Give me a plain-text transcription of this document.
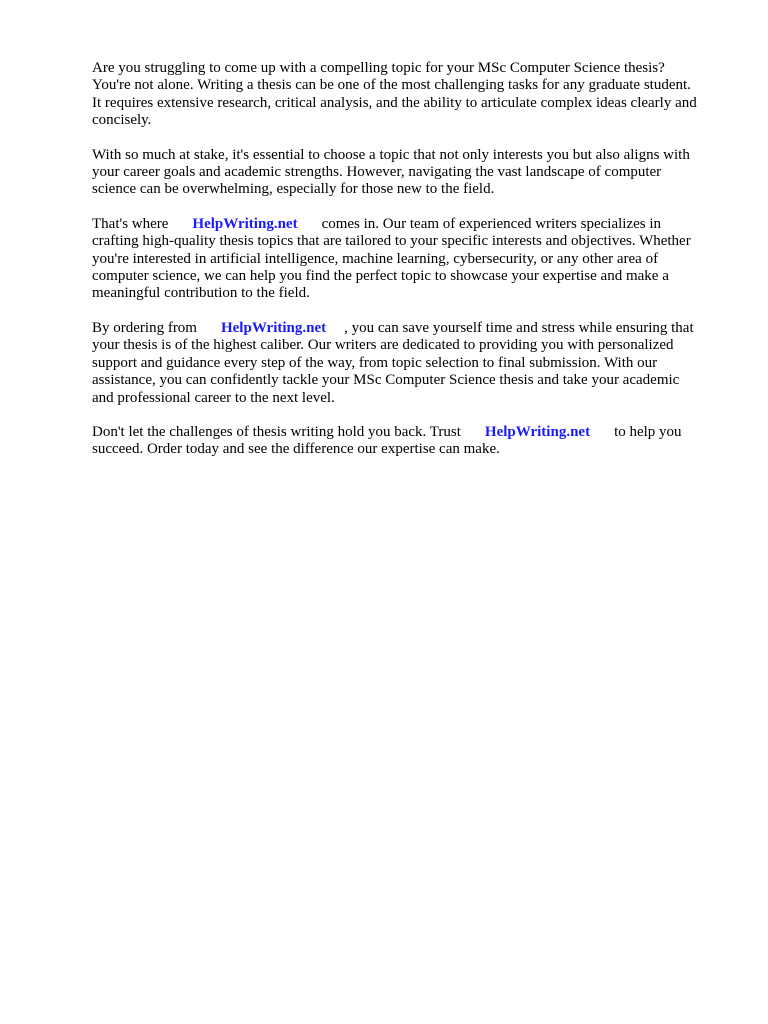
Are you struggling to come up with a compelling topic for your MSc Computer Science thesis?
You're not alone. Writing a thesis can be one of the most challenging tasks for any graduate student.
It requires extensive research, critical analysis, and the ability to articulate complex ideas clearly and
concisely.

With so much at stake, it's essential to choose a topic that not only interests you but also aligns with
your career goals and academic strengths. However, navigating the vast landscape of computer
science can be overwhelming, especially for those new to the field.

That's where HelpWriting.net comes in. Our team of experienced writers specializes in
crafting high-quality thesis topics that are tailored to your specific interests and objectives. Whether
you're interested in artificial intelligence, machine learning, cybersecurity, or any other area of
computer science, we can help you find the perfect topic to showcase your expertise and make a
meaningful contribution to the field.

By ordering from HelpWriting.net , you can save yourself time and stress while ensuring that
your thesis is of the highest caliber. Our writers are dedicated to providing you with personalized
support and guidance every step of the way, from topic selection to final submission. With our
assistance, you can confidently tackle your MSc Computer Science thesis and take your academic
and professional career to the next level.

Don't let the challenges of thesis writing hold you back. Trust HelpWriting.net to help you
succeed. Order today and see the difference our expertise can make.
